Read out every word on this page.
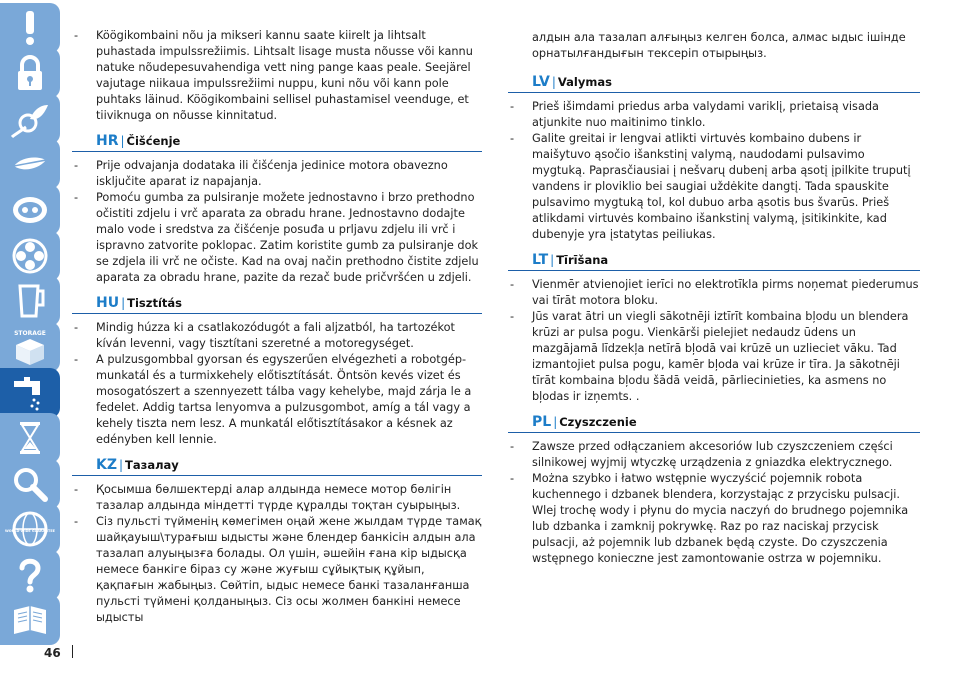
STORAGE
WORLD-WIDE GUARANTEE

- Köögikombaini nõu ja mikseri kannu saate kiirelt ja lihtsalt puhastada impulssrežiimis. Lihtsalt lisage musta nõusse või kannu natuke nõudepesuvahendiga vett ning pange kaas peale. Seejärel vajutage niikaua impulssrežiimi nuppu, kuni nõu või kann pole puhtaks läinud. Köögikombaini sellisel puhastamisel veenduge, et tiiviknuga on nõusse kinnitatud.

HR | Čišćenje

- Prije odvajanja dodataka ili čišćenja jedinice motora obavezno isključite aparat iz napajanja.

- Pomoću gumba za pulsiranje možete jednostavno i brzo prethodno očistiti zdjelu i vrč aparata za obradu hrane. Jednostavno dodajte malo vode i sredstva za čišćenje posuđa u prljavu zdjelu ili vrč i ispravno zatvorite poklopac. Zatim koristite gumb za pulsiranje dok se zdjela ili vrč ne očiste. Kad na ovaj način prethodno čistite zdjelu aparata za obradu hrane, pazite da rezač bude pričvršćen u zdjeli.

HU | Tisztítás

- Mindig húzza ki a csatlakozódugót a fali aljzatból, ha tartozékot kíván levenni, vagy tisztítani szeretné a motoregységet.

- A pulzusgombbal gyorsan és egyszerűen elvégezheti a robotgép-munkatál és a turmixkehely előtisztítását. Öntsön kevés vizet és mosogatószert a szennyezett tálba vagy kehelybe, majd zárja le a fedelet. Addig tartsa lenyomva a pulzusgombot, amíg a tál vagy a kehely tiszta nem lesz. A munkatál előtisztításakor a késnek az edényben kell lennie.

KZ | Тазалау

- Қосымша бөлшектерді алар алдында немесе мотор бөлігін тазалар алдында міндетті түрде құралды тоқтан суырыңыз.

- Сіз пульсті түйменің көмегімен оңай жене жылдам түрде тамақ шайқауыш\турағыш ыдысты және блендер банкісін алдын ала тазалап алуыңызға болады. Ол үшін, әшейін ғана кір ыдысқа немесе банкіге біраз су және жуғыш сұйықтық құйып, қақпағын жабыңыз. Сөйтіп, ыдыс немесе банкі тазаланғанша пульсті түймені қолданыңыз. Сіз осы жолмен банкіні немесе ыдысты

алдын ала тазалап алғыңыз келген болса, алмас ыдыс ішінде орнатылғандығын тексеріп отырыңыз.

LV | Valymas

- Prieš išimdami priedus arba valydami variklį, prietaisą visada atjunkite nuo maitinimo tinklo.

- Galite greitai ir lengvai atlikti virtuvės kombaino dubens ir maišytuvo ąsočio išankstinį valymą, naudodami pulsavimo mygtuką. Paprasčiausiai į nešvarų dubenį arba ąsotį įpilkite truputį vandens ir ploviklio bei saugiai uždėkite dangtį. Tada spauskite pulsavimo mygtuką tol, kol dubuo arba ąsotis bus švarūs. Prieš atlikdami virtuvės kombaino išankstinį valymą, įsitikinkite, kad dubenyje yra įstatytas peiliukas.

LT | Tīrīšana

- Vienmēr atvienojiet ierīci no elektrotīkla pirms noņemat piederumus vai tīrāt motora bloku.

- Jūs varat ātri un viegli sākotnēji iztīrīt kombaina bļodu un blendera krūzi ar pulsa pogu. Vienkārši pielejiet nedaudz ūdens un mazgājamā līdzekļa netīrā bļodā vai krūzē un uzlieciet vāku. Tad izmantojiet pulsa pogu, kamēr bļoda vai krūze ir tīra. Ja sākotnēji tīrāt kombaina bļodu šādā veidā, pārliecinieties, ka asmens no bļodas ir izņemts. .

PL | Czyszczenie

- Zawsze przed odłączaniem akcesoriów lub czyszczeniem części silnikowej wyjmij wtyczkę urządzenia z gniazdka elektrycznego.

- Można szybko i łatwo wstępnie wyczyścić pojemnik robota kuchennego i dzbanek blendera, korzystając z przycisku pulsacji. Wlej trochę wody i płynu do mycia naczyń do brudnego pojemnika lub dzbanka i zamknij pokrywkę. Raz po raz naciskaj przycisk pulsacji, aż pojemnik lub dzbanek będą czyste. Do czyszczenia wstępnego konieczne jest zamontowanie ostrza w pojemniku.

46
